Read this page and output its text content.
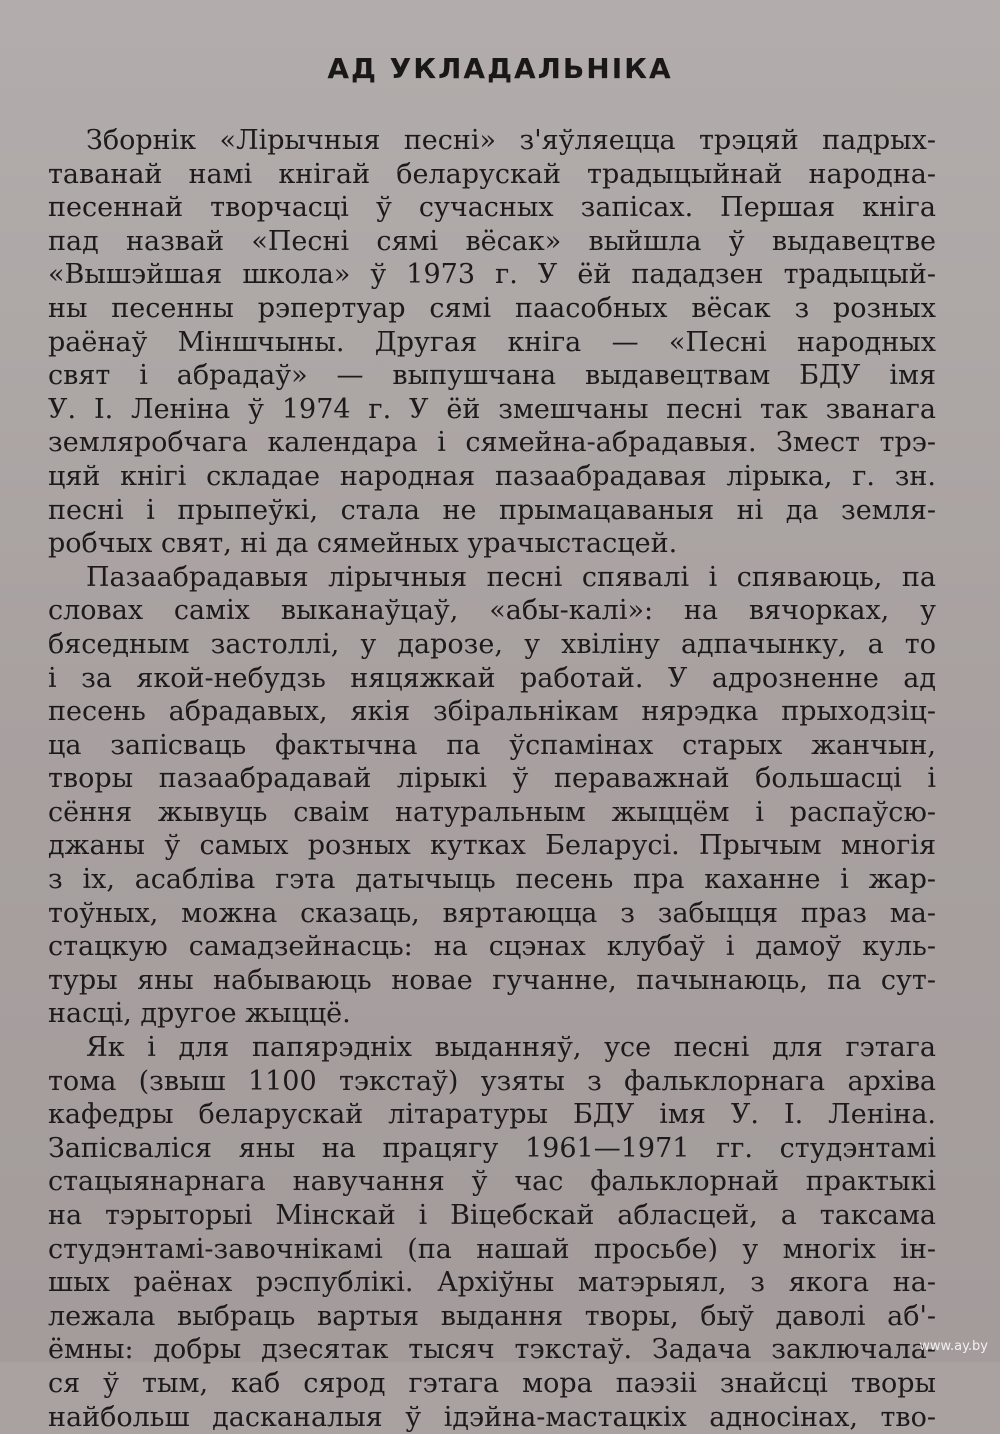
АД УКЛАДАЛЬНІКА
Зборнік «Лірычныя песні» з'яўляецца трэцяй падрых-
таванай намі кнігай беларускай традыцыйнай народна-
песеннай творчасці ў сучасных запісах. Першая кніга
пад назвай «Песні сямі вёсак» выйшла ў выдавецтве
«Вышэйшая школа» ў 1973 г. У ёй пададзен традыцый-
ны песенны рэпертуар сямі паасобных вёсак з розных
раёнаў Міншчыны. Другая кніга — «Песні народных
свят і абрадаў» — выпушчана выдавецтвам БДУ імя
У. І. Леніна ў 1974 г. У ёй змешчаны песні так званага
земляробчага календара і сямейна-абрадавыя. Змест трэ-
цяй кнігі складае народная пазаабрадавая лірыка, г. зн.
песні і прыпеўкі, стала не прымацаваныя ні да земля-
робчых свят, ні да сямейных урачыстасцей.
Пазаабрадавыя лірычныя песні спявалі і спяваюць, па
словах саміх выканаўцаў, «абы-калі»: на вячорках, у
бяседным застоллі, у дарозе, у хвіліну адпачынку, а то
і за якой-небудзь няцяжкай работай. У адрозненне ад
песень абрадавых, якія збіральнікам нярэдка прыходзіц-
ца запісваць фактычна па ўспамінах старых жанчын,
творы пазаабрадавай лірыкі ў пераважнай большасці і
сёння жывуць сваім натуральным жыццём і распаўсю-
джаны ў самых розных кутках Беларусі. Прычым многія
з іх, асабліва гэта датычыць песень пра каханне і жар-
тоўных, можна сказаць, вяртаюцца з забыцця праз ма-
стацкую самадзейнасць: на сцэнах клубаў і дамоў куль-
туры яны набываюць новае гучанне, пачынаюць, па сут-
насці, другое жыццё.
Як і для папярэдніх выданняў, усе песні для гэтага
тома (звыш 1100 тэкстаў) узяты з фальклорнага архіва
кафедры беларускай літаратуры БДУ імя У. І. Леніна.
Запісваліся яны на працягу 1961—1971 гг. студэнтамі
стацыянарнага навучання ў час фальклорнай практыкі
на тэрыторыі Мінскай і Віцебскай абласцей, а таксама
студэнтамі-завочнікамі (па нашай просьбе) у многіх ін-
шых раёнах рэспублікі. Архіўны матэрыял, з якога на-
лежала выбраць вартыя выдання творы, быў даволі аб'-
ёмны: добры дзесятак тысяч тэкстаў. Задача заключала-
ся ў тым, каб сярод гэтага мора паэзіі знайсці творы
найбольш дасканалыя ў ідэйна-мастацкіх адносінах, тво-
www.ay.by
